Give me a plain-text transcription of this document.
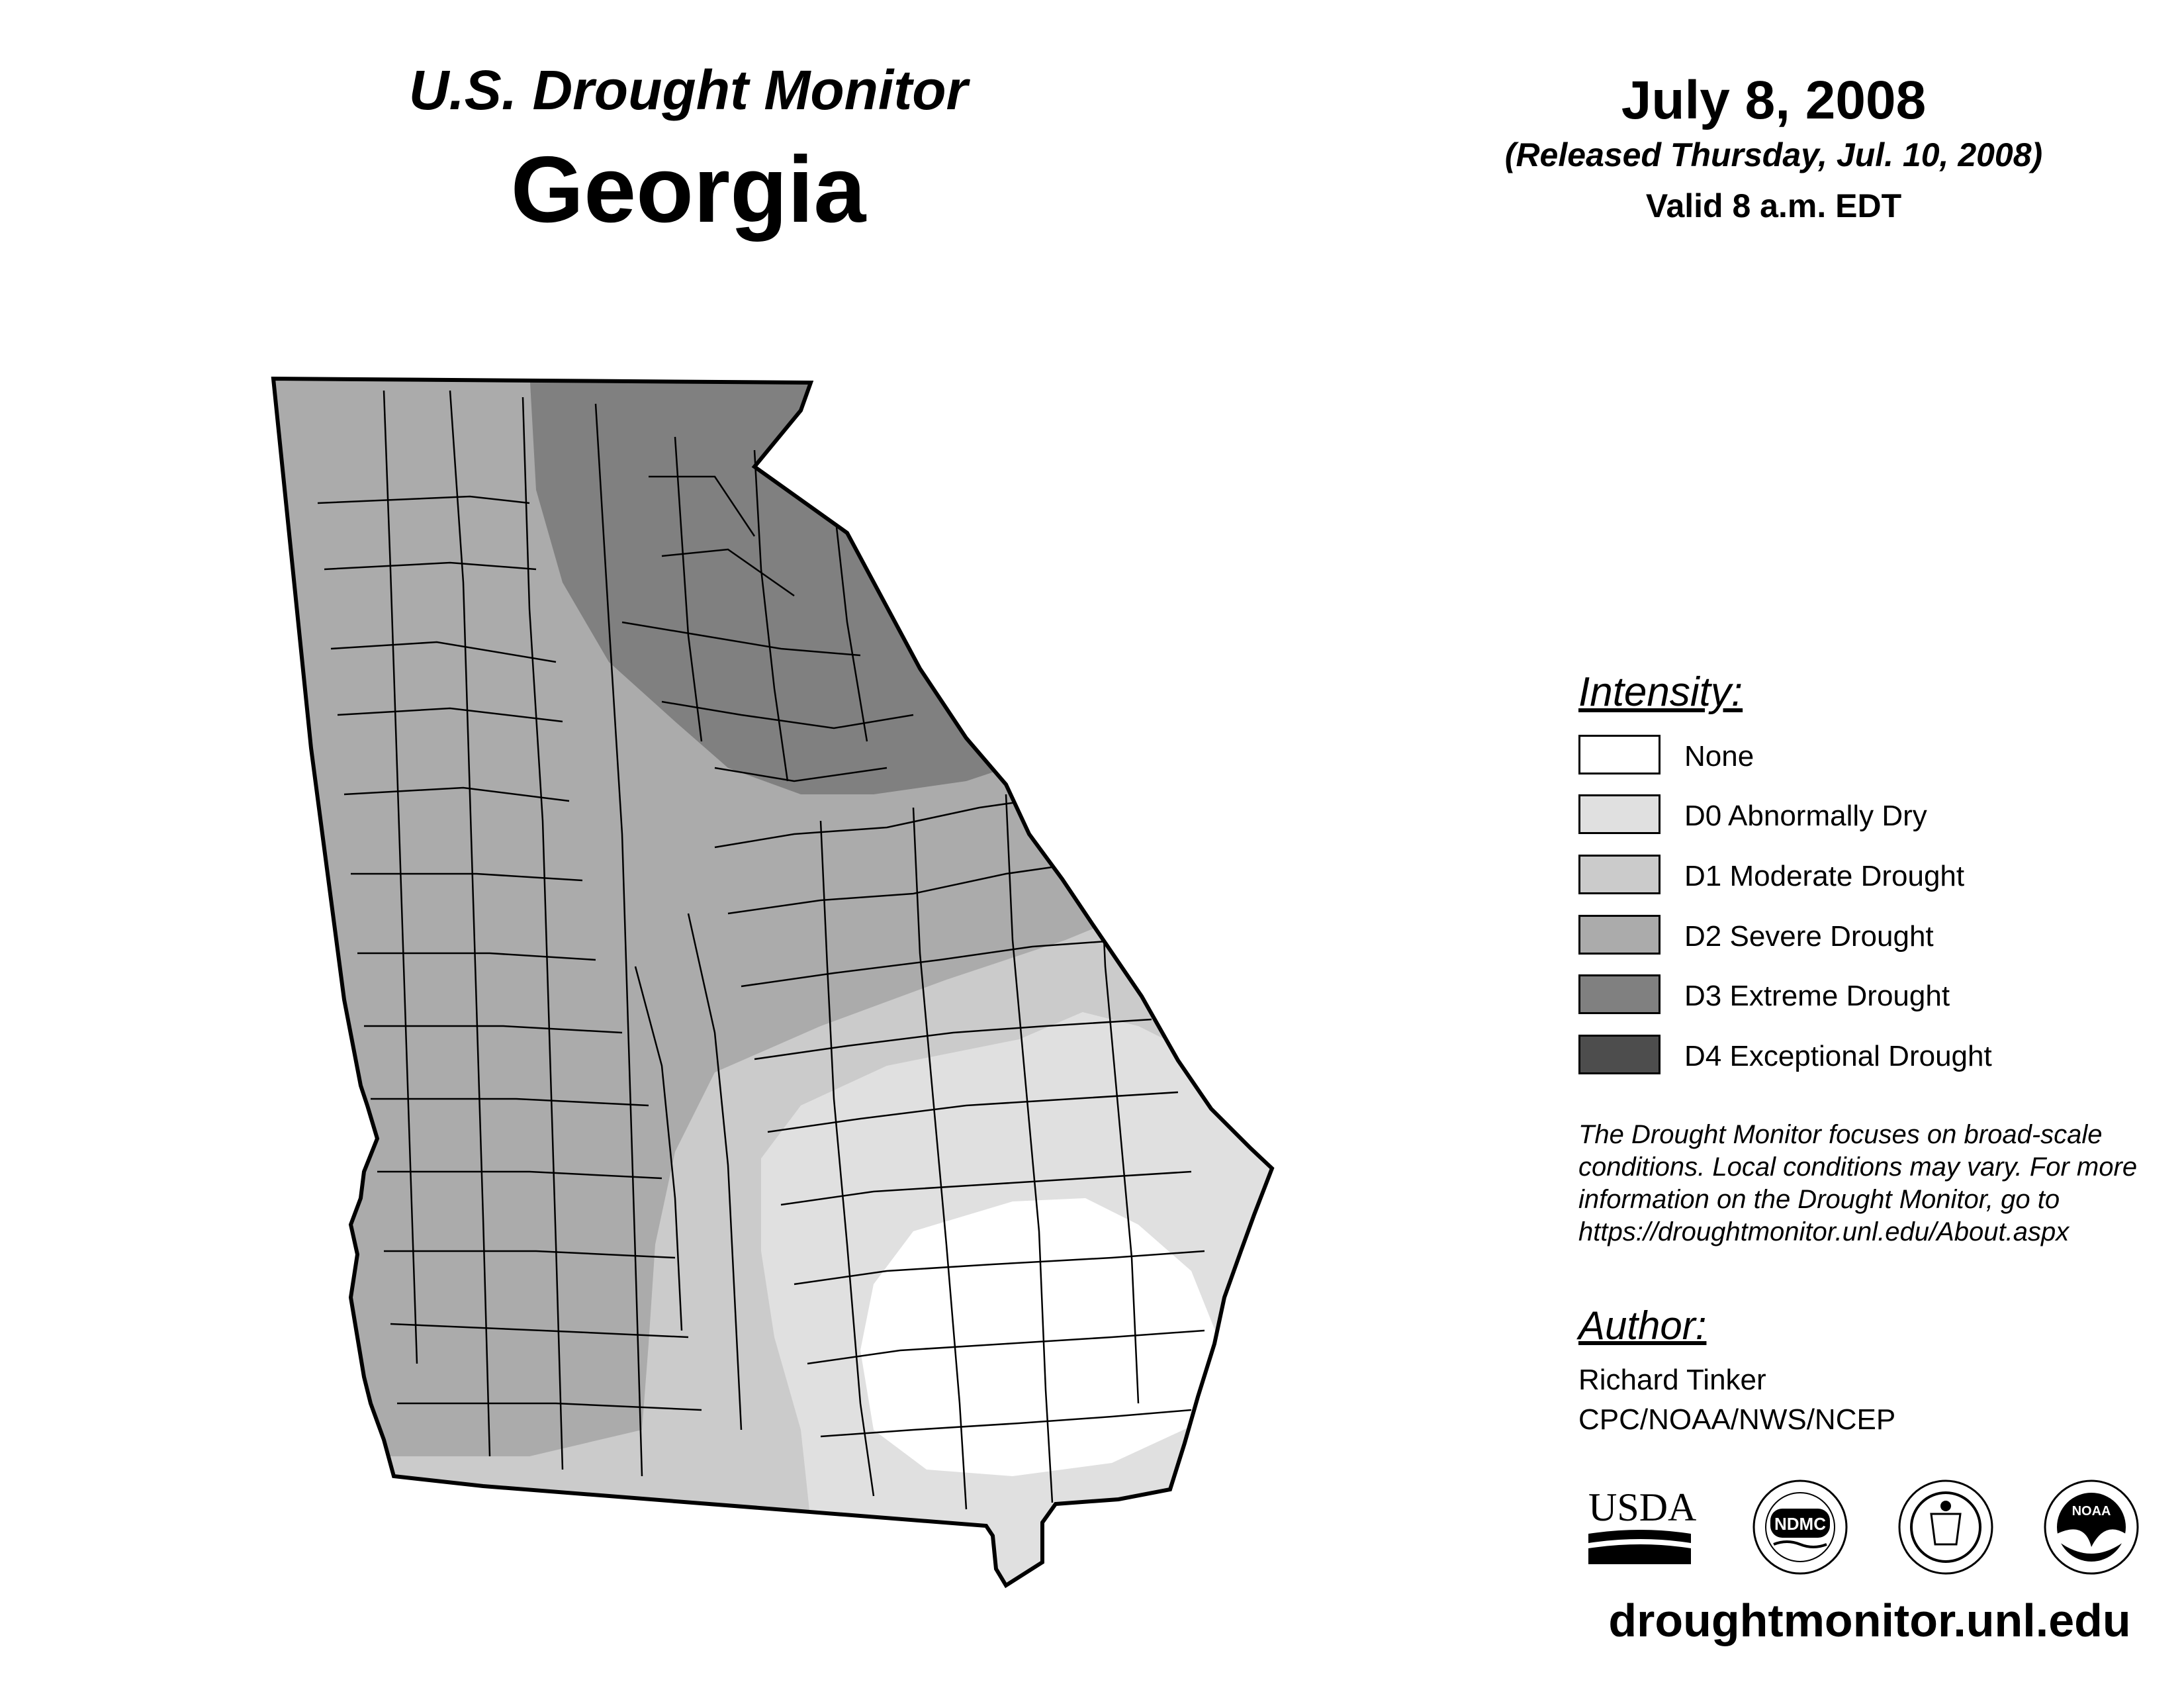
U.S. Drought Monitor
Georgia
July 8, 2008
(Released Thursday, Jul. 10, 2008)
Valid 8 a.m. EDT
Intensity:
None
D0 Abnormally Dry
D1 Moderate Drought
D2 Severe Drought
D3 Extreme Drought
D4 Exceptional Drought
The Drought Monitor focuses on broad-scale conditions. Local conditions may vary. For more information on the Drought Monitor, go to https://droughtmonitor.unl.edu/About.aspx
Author:
Richard Tinker
CPC/NOAA/NWS/NCEP
USDA	NDMC
NOAA
droughtmonitor.unl.edu
